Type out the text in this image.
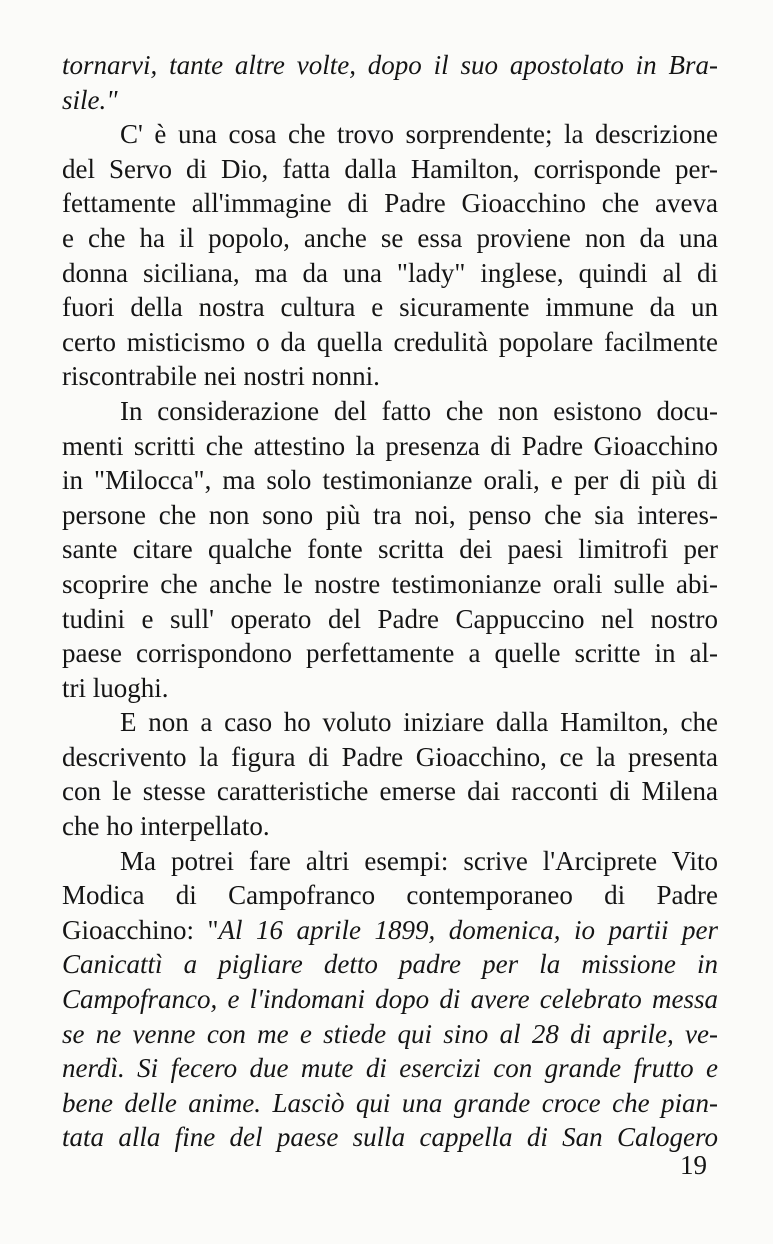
tornarvi, tante altre volte, dopo il suo apostolato in Bra-
sile."
C' è una cosa che trovo sorprendente; la descrizione
del Servo di Dio, fatta dalla Hamilton, corrisponde per-
fettamente all'immagine di Padre Gioacchino che aveva
e che ha il popolo, anche se essa proviene non da una
donna siciliana, ma da una "lady" inglese, quindi al di
fuori della nostra cultura e sicuramente immune da un
certo misticismo o da quella credulità popolare facilmente
riscontrabile nei nostri nonni.
In considerazione del fatto che non esistono docu-
menti scritti che attestino la presenza di Padre Gioacchino
in "Milocca", ma solo testimonianze orali, e per di più di
persone che non sono più tra noi, penso che sia interes-
sante citare qualche fonte scritta dei paesi limitrofi per
scoprire che anche le nostre testimonianze orali sulle abi-
tudini e sull' operato del Padre Cappuccino nel nostro
paese corrispondono perfettamente a quelle scritte in al-
tri luoghi.
E non a caso ho voluto iniziare dalla Hamilton, che
descrivento la figura di Padre Gioacchino, ce la presenta
con le stesse caratteristiche emerse dai racconti di Milena
che ho interpellato.
Ma potrei fare altri esempi: scrive l'Arciprete Vito
Modica di Campofranco contemporaneo di Padre
Gioacchino: "Al 16 aprile 1899, domenica, io partii per
Canicattì a pigliare detto padre per la missione in
Campofranco, e l'indomani dopo di avere celebrato messa
se ne venne con me e stiede qui sino al 28 di aprile, ve-
nerdì. Si fecero due mute di esercizi con grande frutto e
bene delle anime. Lasciò qui una grande croce che pian-
tata alla fine del paese sulla cappella di San Calogero
19
